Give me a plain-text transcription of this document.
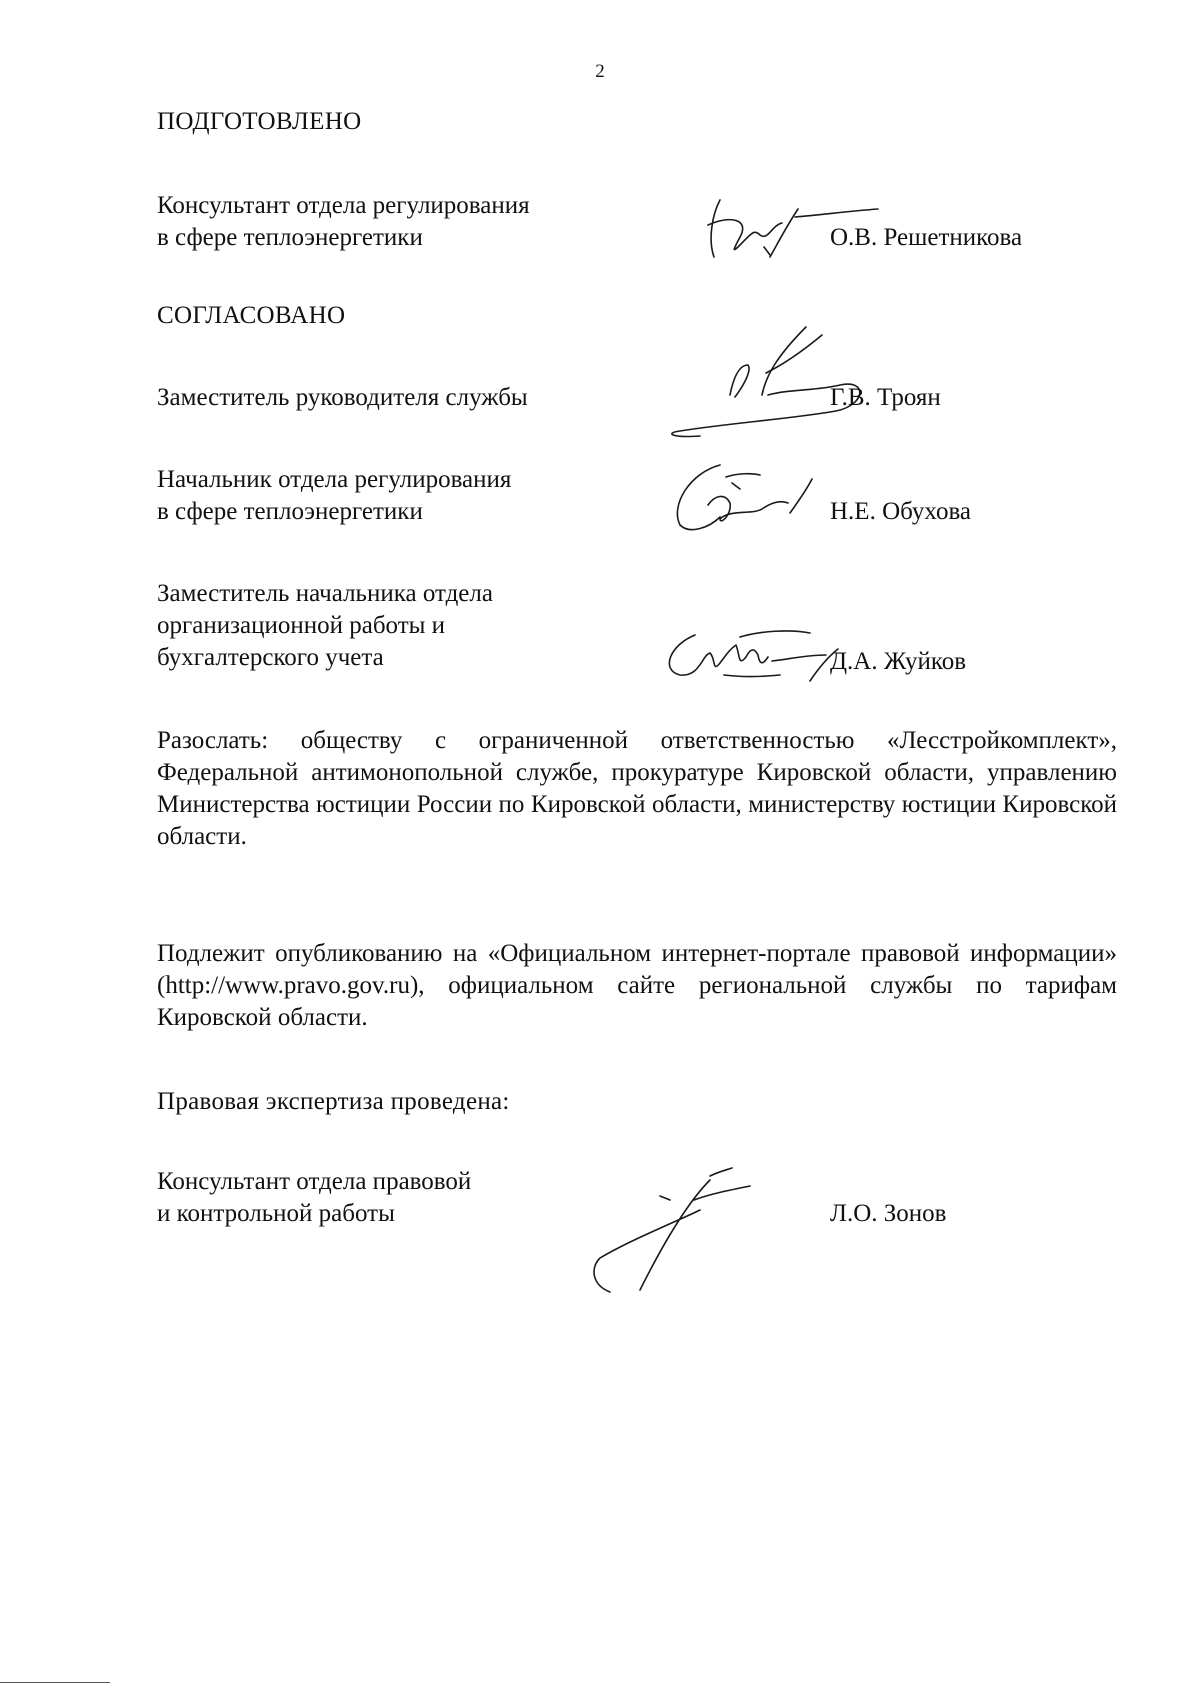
2
ПОДГОТОВЛЕНО
Консультант отдела регулирования
в сфере теплоэнергетики	О.В. Решетникова
СОГЛАСОВАНО
Заместитель руководителя службы	Г.В. Троян
Начальник отдела регулирования
в сфере теплоэнергетики	Н.Е. Обухова
Заместитель начальника отдела
организационной работы и
бухгалтерского учета	Д.А. Жуйков

Разослать: обществу с ограниченной ответственностью «Лесстройкомплект», Федеральной антимонопольной службе, прокуратуре Кировской области, управлению Министерства юстиции России по Кировской области, министерству юстиции Кировской области.

Подлежит опубликованию на «Официальном интернет-портале правовой информации» (http://www.pravo.gov.ru), официальном сайте региональной службы по тарифам Кировской области.

Правовая экспертиза проведена:
Консультант отдела правовой
и контрольной работы	Л.О. Зонов
